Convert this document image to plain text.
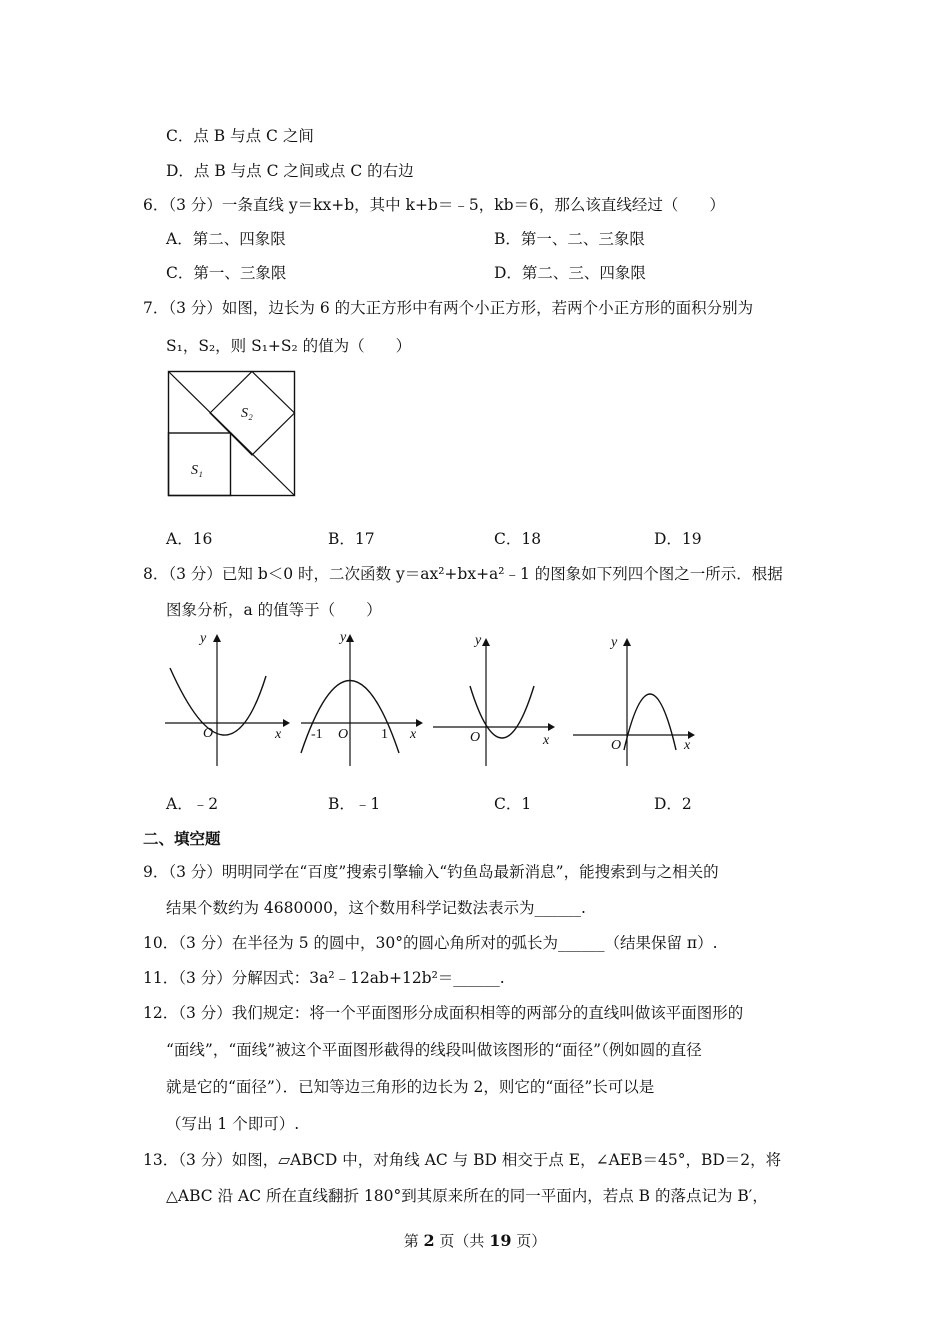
C．点 B 与点 C 之间
D．点 B 与点 C 之间或点 C 的右边
6．（3 分）一条直线 y＝kx+b，其中 k+b＝﹣5，kb＝6，那么该直线经过（　　）
A．第二、四象限	B．第一、二、三象限
C．第一、三象限	D．第二、三、四象限
7．（3 分）如图，边长为 6 的大正方形中有两个小正方形，若两个小正方形的面积分别为
S₁，S₂，则 S₁+S₂ 的值为（　　）
S₂
S₁
A．16	B．17	C．18	D．19
8．（3 分）已知 b＜0 时，二次函数 y＝ax²+bx+a²﹣1 的图象如下列四个图之一所示．根据
图象分析，a 的值等于（　　）
y
x
O
y
x
O
-1	1
y
x
O
y
x
O
A．﹣2	B．﹣1	C．1	D．2
二、填空题
9．（3 分）明明同学在“百度”搜索引擎输入“钓鱼岛最新消息”，能搜索到与之相关的
结果个数约为 4680000，这个数用科学记数法表示为______.
10．（3 分）在半径为 5 的圆中，30°的圆心角所对的弧长为______（结果保留 π）.
11．（3 分）分解因式：3a²﹣12ab+12b²＝______.
12．（3 分）我们规定：将一个平面图形分成面积相等的两部分的直线叫做该平面图形的
“面线”，“面线”被这个平面图形截得的线段叫做该图形的“面径”（例如圆的直径
就是它的“面径”）．已知等边三角形的边长为 2，则它的“面径”长可以是
（写出 1 个即可）.
13．（3 分）如图，▱ABCD 中，对角线 AC 与 BD 相交于点 E，∠AEB＝45°，BD＝2，将
△ABC 沿 AC 所在直线翻折 180°到其原来所在的同一平面内，若点 B 的落点记为 B′，
第 2 页（共 19 页）
